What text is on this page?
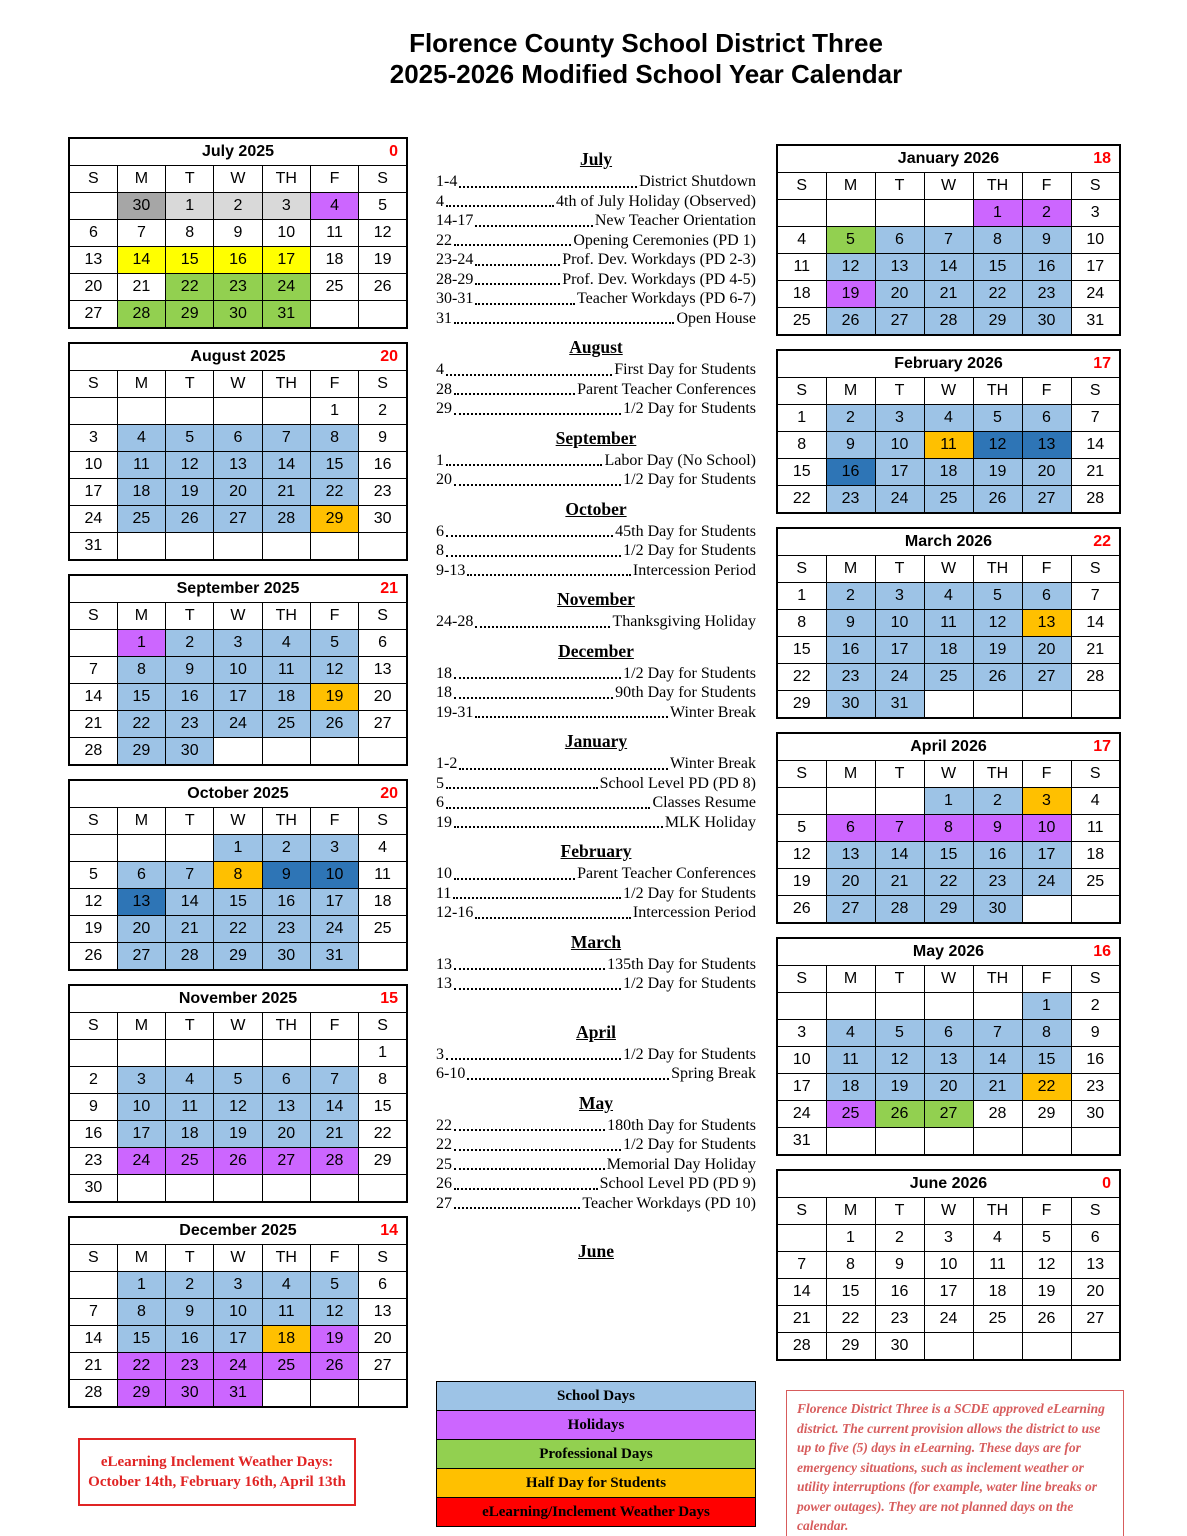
Florence County School District Three
2025-2026 Modified School Year Calendar
July 2025 0						

S	M	T	W	TH	F	S
	30	1	2	3	4	5
6	7	8	9	10	11	12
13	14	15	16	17	18	19
20	21	22	23	24	25	26
27	28	29	30	31		
August 2025 20						

S	M	T	W	TH	F	S
					1	2
3	4	5	6	7	8	9
10	11	12	13	14	15	16
17	18	19	20	21	22	23
24	25	26	27	28	29	30
31						
September 2025 21						

S	M	T	W	TH	F	S
	1	2	3	4	5	6
7	8	9	10	11	12	13
14	15	16	17	18	19	20
21	22	23	24	25	26	27
28	29	30				
October 2025 20						

S	M	T	W	TH	F	S
			1	2	3	4
5	6	7	8	9	10	11
12	13	14	15	16	17	18
19	20	21	22	23	24	25
26	27	28	29	30	31	
November 2025 15						

S	M	T	W	TH	F	S
						1
2	3	4	5	6	7	8
9	10	11	12	13	14	15
16	17	18	19	20	21	22
23	24	25	26	27	28	29
30						
December 2025 14						

S	M	T	W	TH	F	S
	1	2	3	4	5	6
7	8	9	10	11	12	13
14	15	16	17	18	19	20
21	22	23	24	25	26	27
28	29	30	31			
July
1-4	District Shutdown
4	4th of July Holiday (Observed)
14-17	New Teacher Orientation
22	Opening Ceremonies (PD 1)
23-24	Prof. Dev. Workdays (PD 2-3)
28-29	Prof. Dev. Workdays (PD 4-5)
30-31	Teacher Workdays (PD 6-7)
31	Open House
August
4	First Day for Students
28	Parent Teacher Conferences
29	1/2 Day for Students
September
1	Labor Day (No School)
20	1/2 Day for Students
October
6	45th Day for Students
8	1/2 Day for Students
9-13	Intercession Period
November
24-28	Thanksgiving Holiday
December
18	1/2 Day for Students
18	90th Day for Students
19-31	Winter Break
January
1-2	Winter Break
5	School Level PD (PD 8)
6	Classes Resume
19	MLK Holiday
February
10	Parent Teacher Conferences
11	1/2 Day for Students
12-16	Intercession Period
March
13	135th Day for Students
13	1/2 Day for Students
April
3	1/2 Day for Students
6-10	Spring Break
May
22	180th Day for Students
22	1/2 Day for Students
25	Memorial Day Holiday
26	School Level PD (PD 9)
27	Teacher Workdays (PD 10)
June
January 2026 18						

S	M	T	W	TH	F	S
				1	2	3
4	5	6	7	8	9	10
11	12	13	14	15	16	17
18	19	20	21	22	23	24
25	26	27	28	29	30	31
February 2026 17						

S	M	T	W	TH	F	S
1	2	3	4	5	6	7
8	9	10	11	12	13	14
15	16	17	18	19	20	21
22	23	24	25	26	27	28
March 2026 22						

S	M	T	W	TH	F	S
1	2	3	4	5	6	7
8	9	10	11	12	13	14
15	16	17	18	19	20	21
22	23	24	25	26	27	28
29	30	31				
April 2026 17						

S	M	T	W	TH	F	S
			1	2	3	4
5	6	7	8	9	10	11
12	13	14	15	16	17	18
19	20	21	22	23	24	25
26	27	28	29	30		
May 2026 16						

S	M	T	W	TH	F	S
					1	2
3	4	5	6	7	8	9
10	11	12	13	14	15	16
17	18	19	20	21	22	23
24	25	26	27	28	29	30
31						
June 2026 0						

S	M	T	W	TH	F	S
	1	2	3	4	5	6
7	8	9	10	11	12	13
14	15	16	17	18	19	20
21	22	23	24	25	26	27
28	29	30				
School Days
Holidays
Professional Days
Half Day for Students
eLearning/Inclement Weather Days
eLearning Inclement Weather Days:
October 14th, February 16th, April 13th
Florence District Three is a SCDE approved eLearning district. The current provision allows the district to use up to five (5) days in eLearning. These days are for emergency situations, such as inclement weather or utility interruptions (for example, water line breaks or power outages). They are not planned days on the calendar.
